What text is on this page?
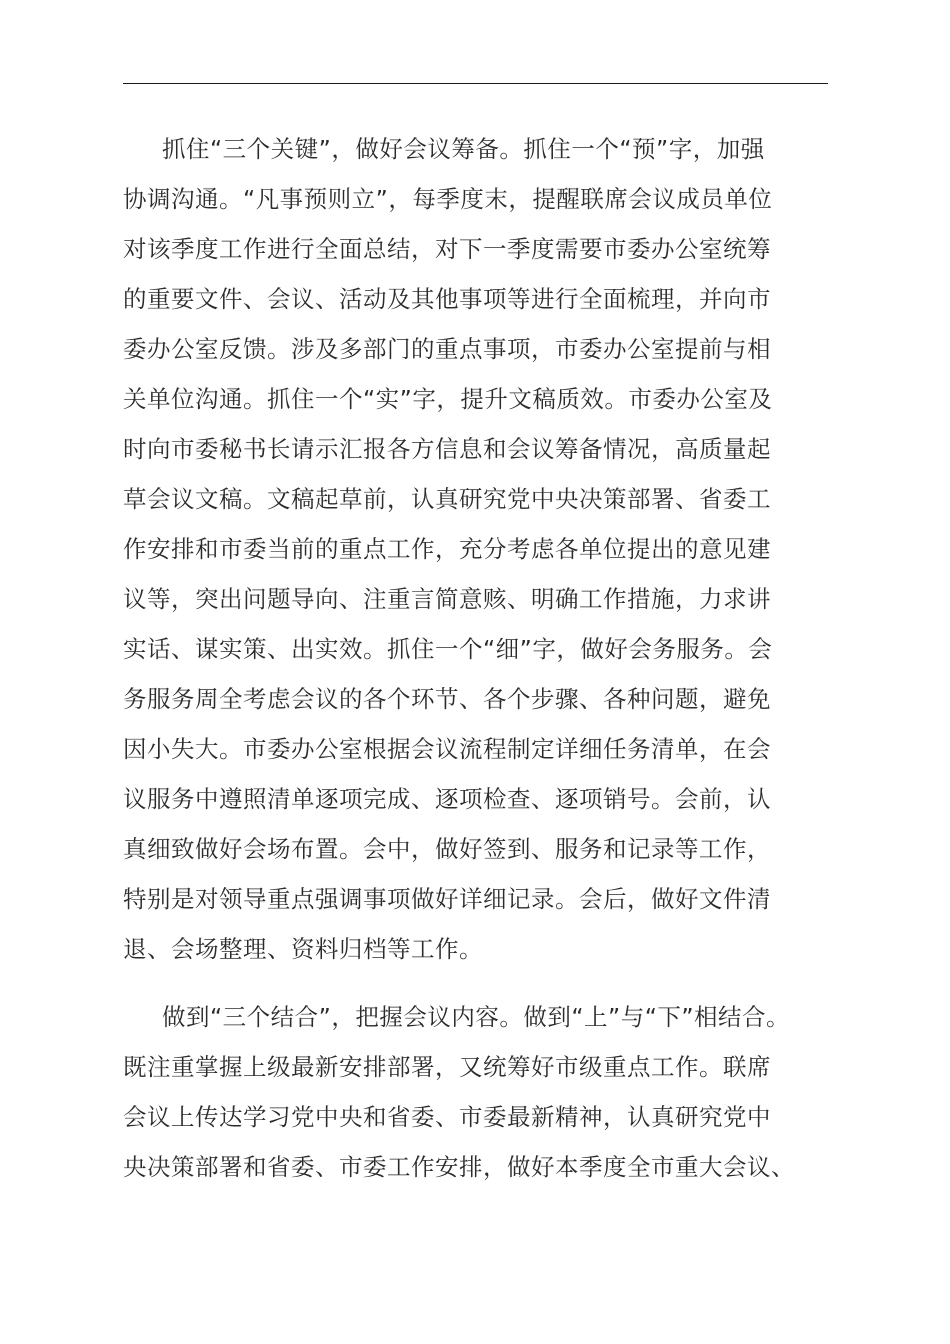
抓住“三个关键”，做好会议筹备。抓住一个“预”字，加强
协调沟通。“凡事预则立”，每季度末，提醒联席会议成员单位
对该季度工作进行全面总结，对下一季度需要市委办公室统筹
的重要文件、会议、活动及其他事项等进行全面梳理，并向市
委办公室反馈。涉及多部门的重点事项，市委办公室提前与相
关单位沟通。抓住一个“实”字，提升文稿质效。市委办公室及
时向市委秘书长请示汇报各方信息和会议筹备情况，高质量起
草会议文稿。文稿起草前，认真研究党中央决策部署、省委工
作安排和市委当前的重点工作，充分考虑各单位提出的意见建
议等，突出问题导向、注重言简意赅、明确工作措施，力求讲
实话、谋实策、出实效。抓住一个“细”字，做好会务服务。会
务服务周全考虑会议的各个环节、各个步骤、各种问题，避免
因小失大。市委办公室根据会议流程制定详细任务清单，在会
议服务中遵照清单逐项完成、逐项检查、逐项销号。会前，认
真细致做好会场布置。会中，做好签到、服务和记录等工作，
特别是对领导重点强调事项做好详细记录。会后，做好文件清
退、会场整理、资料归档等工作。
做到“三个结合”，把握会议内容。做到“上”与“下”相结合。
既注重掌握上级最新安排部署，又统筹好市级重点工作。联席
会议上传达学习党中央和省委、市委最新精神，认真研究党中
央决策部署和省委、市委工作安排，做好本季度全市重大会议、
